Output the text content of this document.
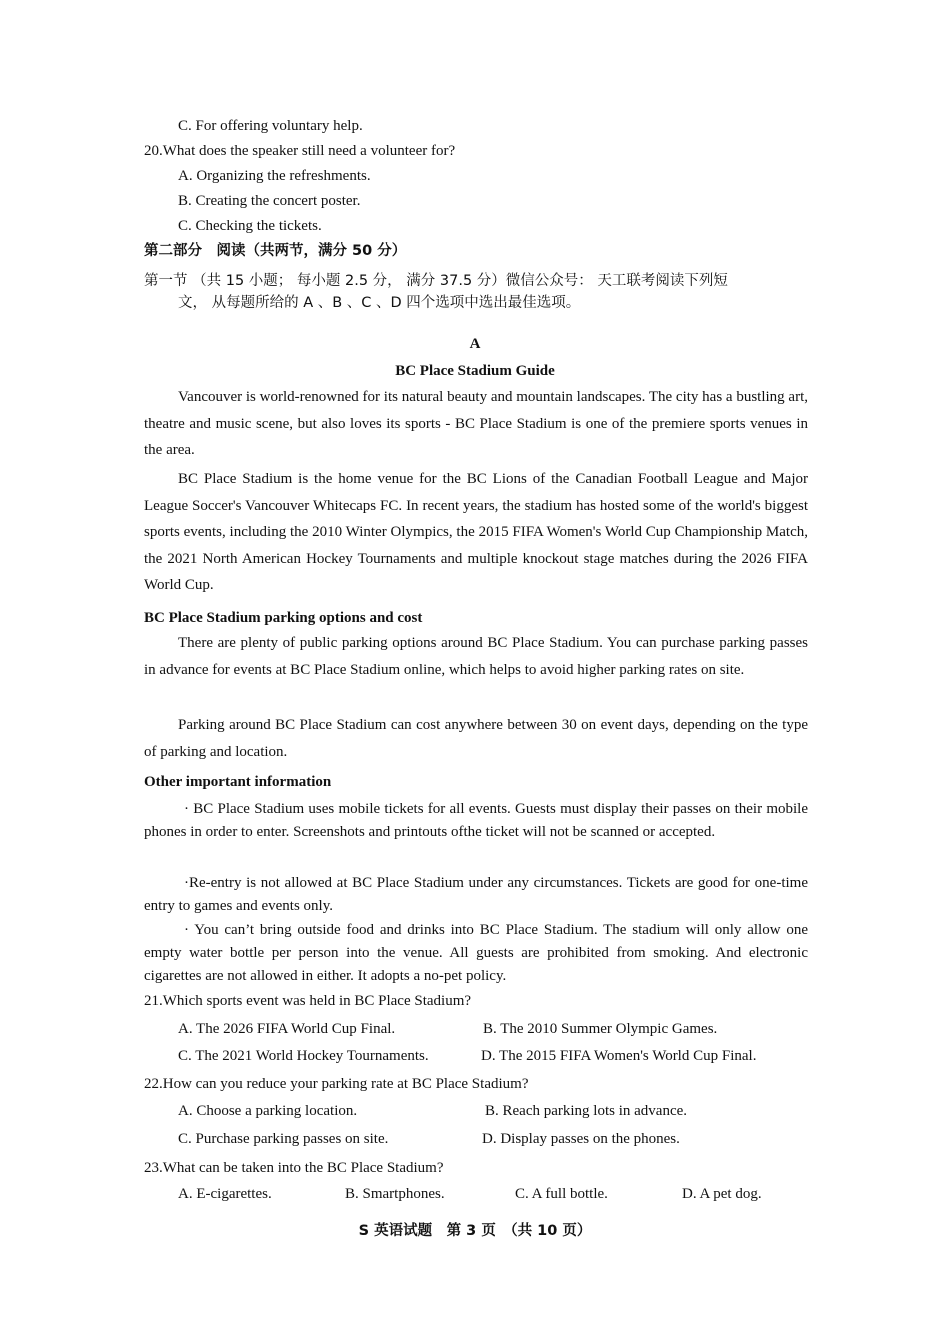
C. For offering voluntary help.
20.What does the speaker still need a volunteer for?
A. Organizing the refreshments.
B. Creating the concert poster.
C. Checking the tickets.
第二部分　阅读（共两节，满分 50 分）
第一节 （共 15 小题； 每小题 2.5 分， 满分 37.5 分）微信公众号： 天工联考阅读下列短文， 从每题所给的 A 、B 、C 、D 四个选项中选出最佳选项。
A
BC Place Stadium Guide
Vancouver is world-renowned for its natural beauty and mountain landscapes. The city has a bustling art, theatre and music scene, but also loves its sports - BC Place Stadium is one of the premiere sports venues in the area.
BC Place Stadium is the home venue for the BC Lions of the Canadian Football League and Major League Soccer's Vancouver Whitecaps FC. In recent years, the stadium has hosted some of the world's biggest sports events, including the 2010 Winter Olympics, the 2015 FIFA Women's World Cup Championship Match, the 2021 North American Hockey Tournaments and multiple knockout stage matches during the 2026 FIFA World Cup.
BC Place Stadium parking options and cost
There are plenty of public parking options around BC Place Stadium. You can purchase parking passes in advance for events at BC Place Stadium online, which helps to avoid higher parking rates on site.
Parking around BC Place Stadium can cost anywhere between 30 on event days, depending on the type of parking and location.
Other important information
· BC Place Stadium uses mobile tickets for all events. Guests must display their passes on their mobile phones in order to enter. Screenshots and printouts ofthe ticket will not be scanned or accepted.
·Re-entry is not allowed at BC Place Stadium under any circumstances. Tickets are good for one-time entry to games and events only.
· You can’t bring outside food and drinks into BC Place Stadium. The stadium will only allow one empty water bottle per person into the venue. All guests are prohibited from smoking. And electronic cigarettes are not allowed in either. It adopts a no-pet policy.
21.Which sports event was held in BC Place Stadium?
A. The 2026 FIFA World Cup Final.	B. The 2010 Summer Olympic Games.
C. The 2021 World Hockey Tournaments.	D. The 2015 FIFA Women's World Cup Final.
22.How can you reduce your parking rate at BC Place Stadium?
A. Choose a parking location.	B. Reach parking lots in advance.
C. Purchase parking passes on site.	D. Display passes on the phones.
23.What can be taken into the BC Place Stadium?
A. E-cigarettes.	B. Smartphones.	C. A full bottle.	D. A pet dog.
S 英语试题　第 3 页　（共 10 页）
